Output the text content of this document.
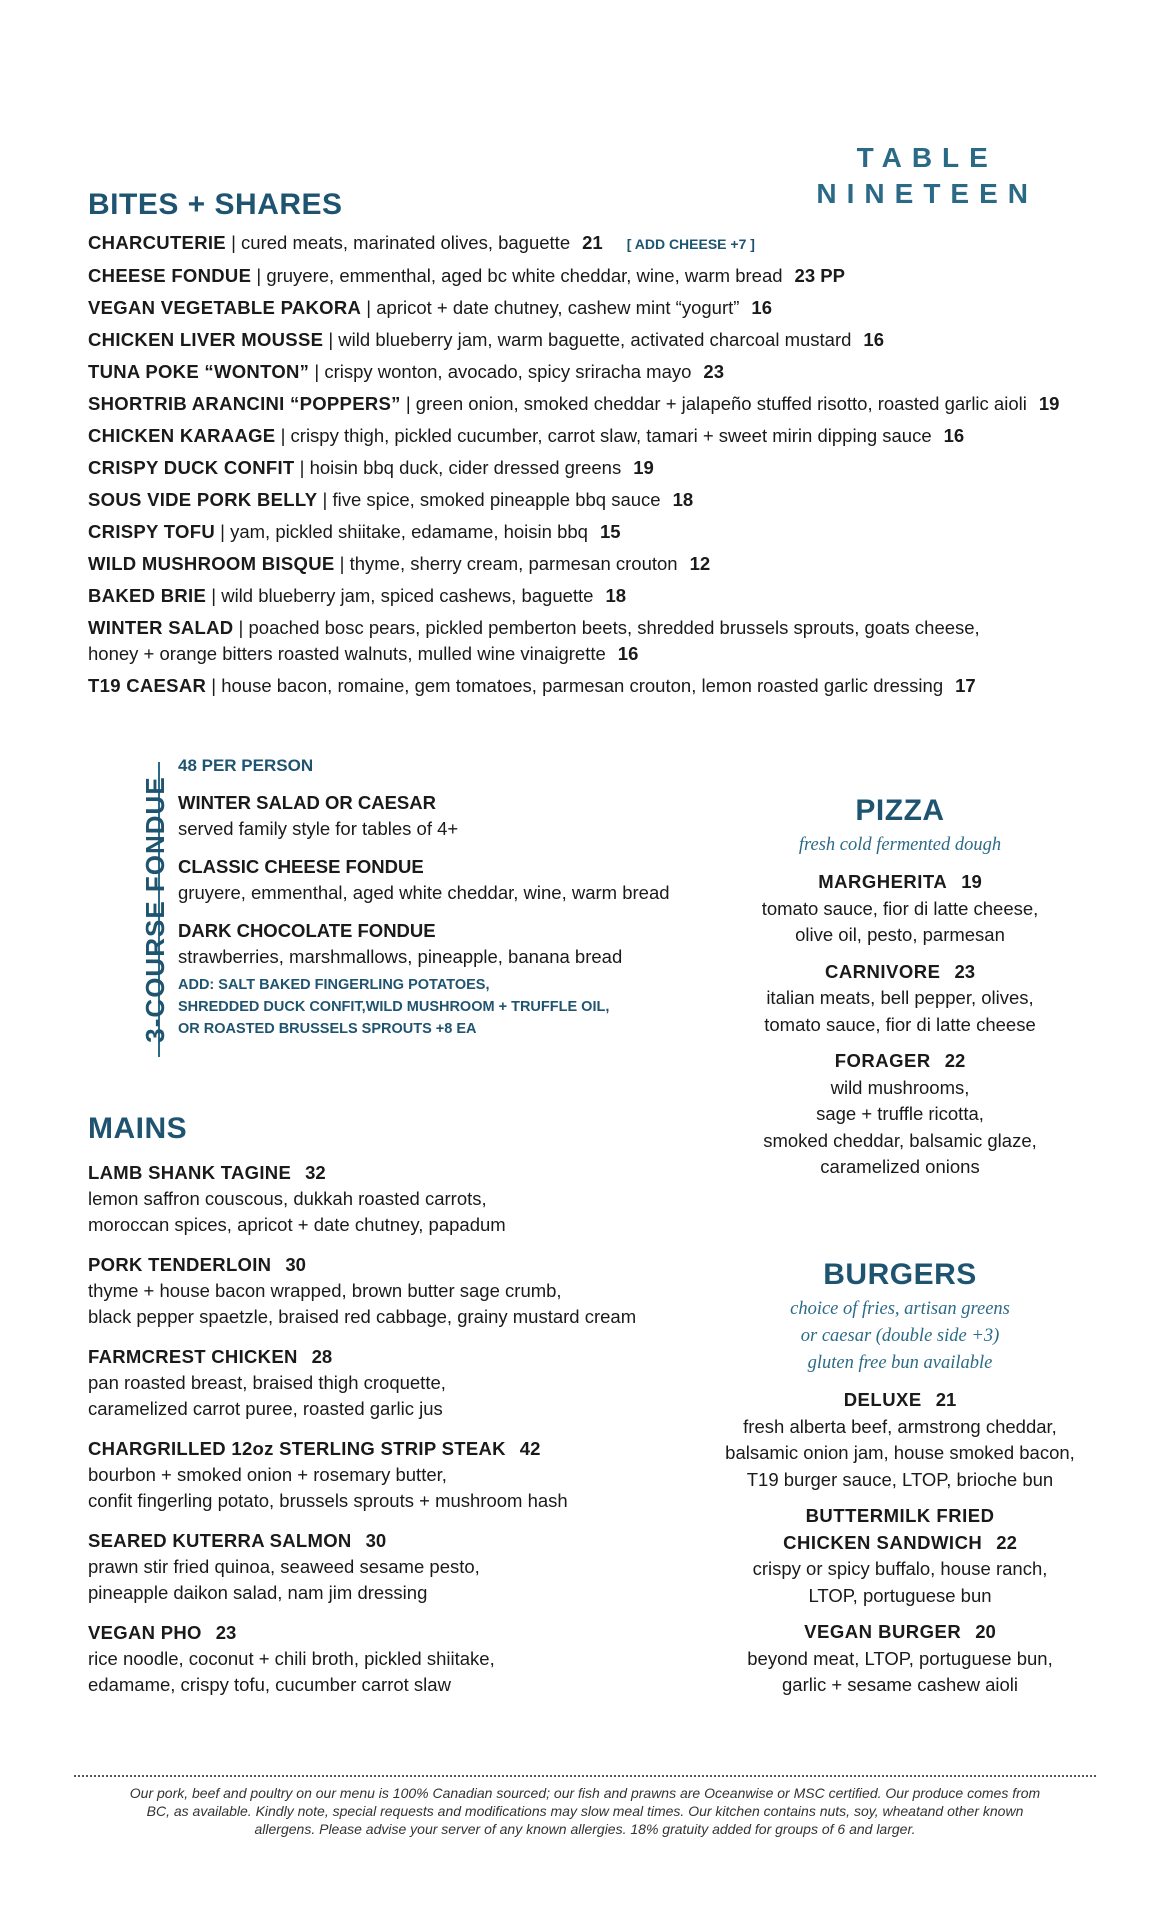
TABLE
NINETEEN
BITES + SHARES
CHARCUTERIE | cured meats, marinated olives, baguette 21 [ ADD CHEESE +7 ]
CHEESE FONDUE | gruyere, emmenthal, aged bc white cheddar, wine, warm bread 23 PP
VEGAN VEGETABLE PAKORA | apricot + date chutney, cashew mint “yogurt” 16
CHICKEN LIVER MOUSSE | wild blueberry jam, warm baguette, activated charcoal mustard 16
TUNA POKE “WONTON” | crispy wonton, avocado, spicy sriracha mayo 23
SHORTRIB ARANCINI “POPPERS” | green onion, smoked cheddar + jalapeño stuffed risotto, roasted garlic aioli 19
CHICKEN KARAAGE | crispy thigh, pickled cucumber, carrot slaw, tamari + sweet mirin dipping sauce 16
CRISPY DUCK CONFIT | hoisin bbq duck, cider dressed greens 19
SOUS VIDE PORK BELLY | five spice, smoked pineapple bbq sauce 18
CRISPY TOFU | yam, pickled shiitake, edamame, hoisin bbq 15
WILD MUSHROOM BISQUE | thyme, sherry cream, parmesan crouton 12
BAKED BRIE | wild blueberry jam, spiced cashews, baguette 18
WINTER SALAD | poached bosc pears, pickled pemberton beets, shredded brussels sprouts, goats cheese, honey + orange bitters roasted walnuts, mulled wine vinaigrette 16
T19 CAESAR | house bacon, romaine, gem tomatoes, parmesan crouton, lemon roasted garlic dressing 17
3-COURSE FONDUE
48 PER PERSON
WINTER SALAD OR CAESAR
served family style for tables of 4+
CLASSIC CHEESE FONDUE
gruyere, emmenthal, aged white cheddar, wine, warm bread
DARK CHOCOLATE FONDUE
strawberries, marshmallows, pineapple, banana bread
ADD: SALT BAKED FINGERLING POTATOES,
SHREDDED DUCK CONFIT,WILD MUSHROOM + TRUFFLE OIL,
OR ROASTED BRUSSELS SPROUTS +8 EA
MAINS
LAMB SHANK TAGINE 32
lemon saffron couscous, dukkah roasted carrots,
moroccan spices, apricot + date chutney, papadum
PORK TENDERLOIN 30
thyme + house bacon wrapped, brown butter sage crumb,
black pepper spaetzle, braised red cabbage, grainy mustard cream
FARMCREST CHICKEN 28
pan roasted breast, braised thigh croquette,
caramelized carrot puree, roasted garlic jus
CHARGRILLED 12oz STERLING STRIP STEAK 42
bourbon + smoked onion + rosemary butter,
confit fingerling potato, brussels sprouts + mushroom hash
SEARED KUTERRA SALMON 30
prawn stir fried quinoa, seaweed sesame pesto,
pineapple daikon salad, nam jim dressing
VEGAN PHO 23
rice noodle, coconut + chili broth, pickled shiitake,
edamame, crispy tofu, cucumber carrot slaw
PIZZA
fresh cold fermented dough
MARGHERITA 19
tomato sauce, fior di latte cheese,
olive oil, pesto, parmesan
CARNIVORE 23
italian meats, bell pepper, olives,
tomato sauce, fior di latte cheese
FORAGER 22
wild mushrooms,
sage + truffle ricotta,
smoked cheddar, balsamic glaze,
caramelized onions
BURGERS
choice of fries, artisan greens
or caesar (double side +3)
gluten free bun available
DELUXE 21
fresh alberta beef, armstrong cheddar,
balsamic onion jam, house smoked bacon,
T19 burger sauce, LTOP, brioche bun
BUTTERMILK FRIED
CHICKEN SANDWICH 22
crispy or spicy buffalo, house ranch,
LTOP, portuguese bun
VEGAN BURGER 20
beyond meat, LTOP, portuguese bun,
garlic + sesame cashew aioli
Our pork, beef and poultry on our menu is 100% Canadian sourced; our fish and prawns are Oceanwise or MSC certified. Our produce comes from
BC, as available. Kindly note, special requests and modifications may slow meal times. Our kitchen contains nuts, soy, wheatand other known
allergens. Please advise your server of any known allergies. 18% gratuity added for groups of 6 and larger.
